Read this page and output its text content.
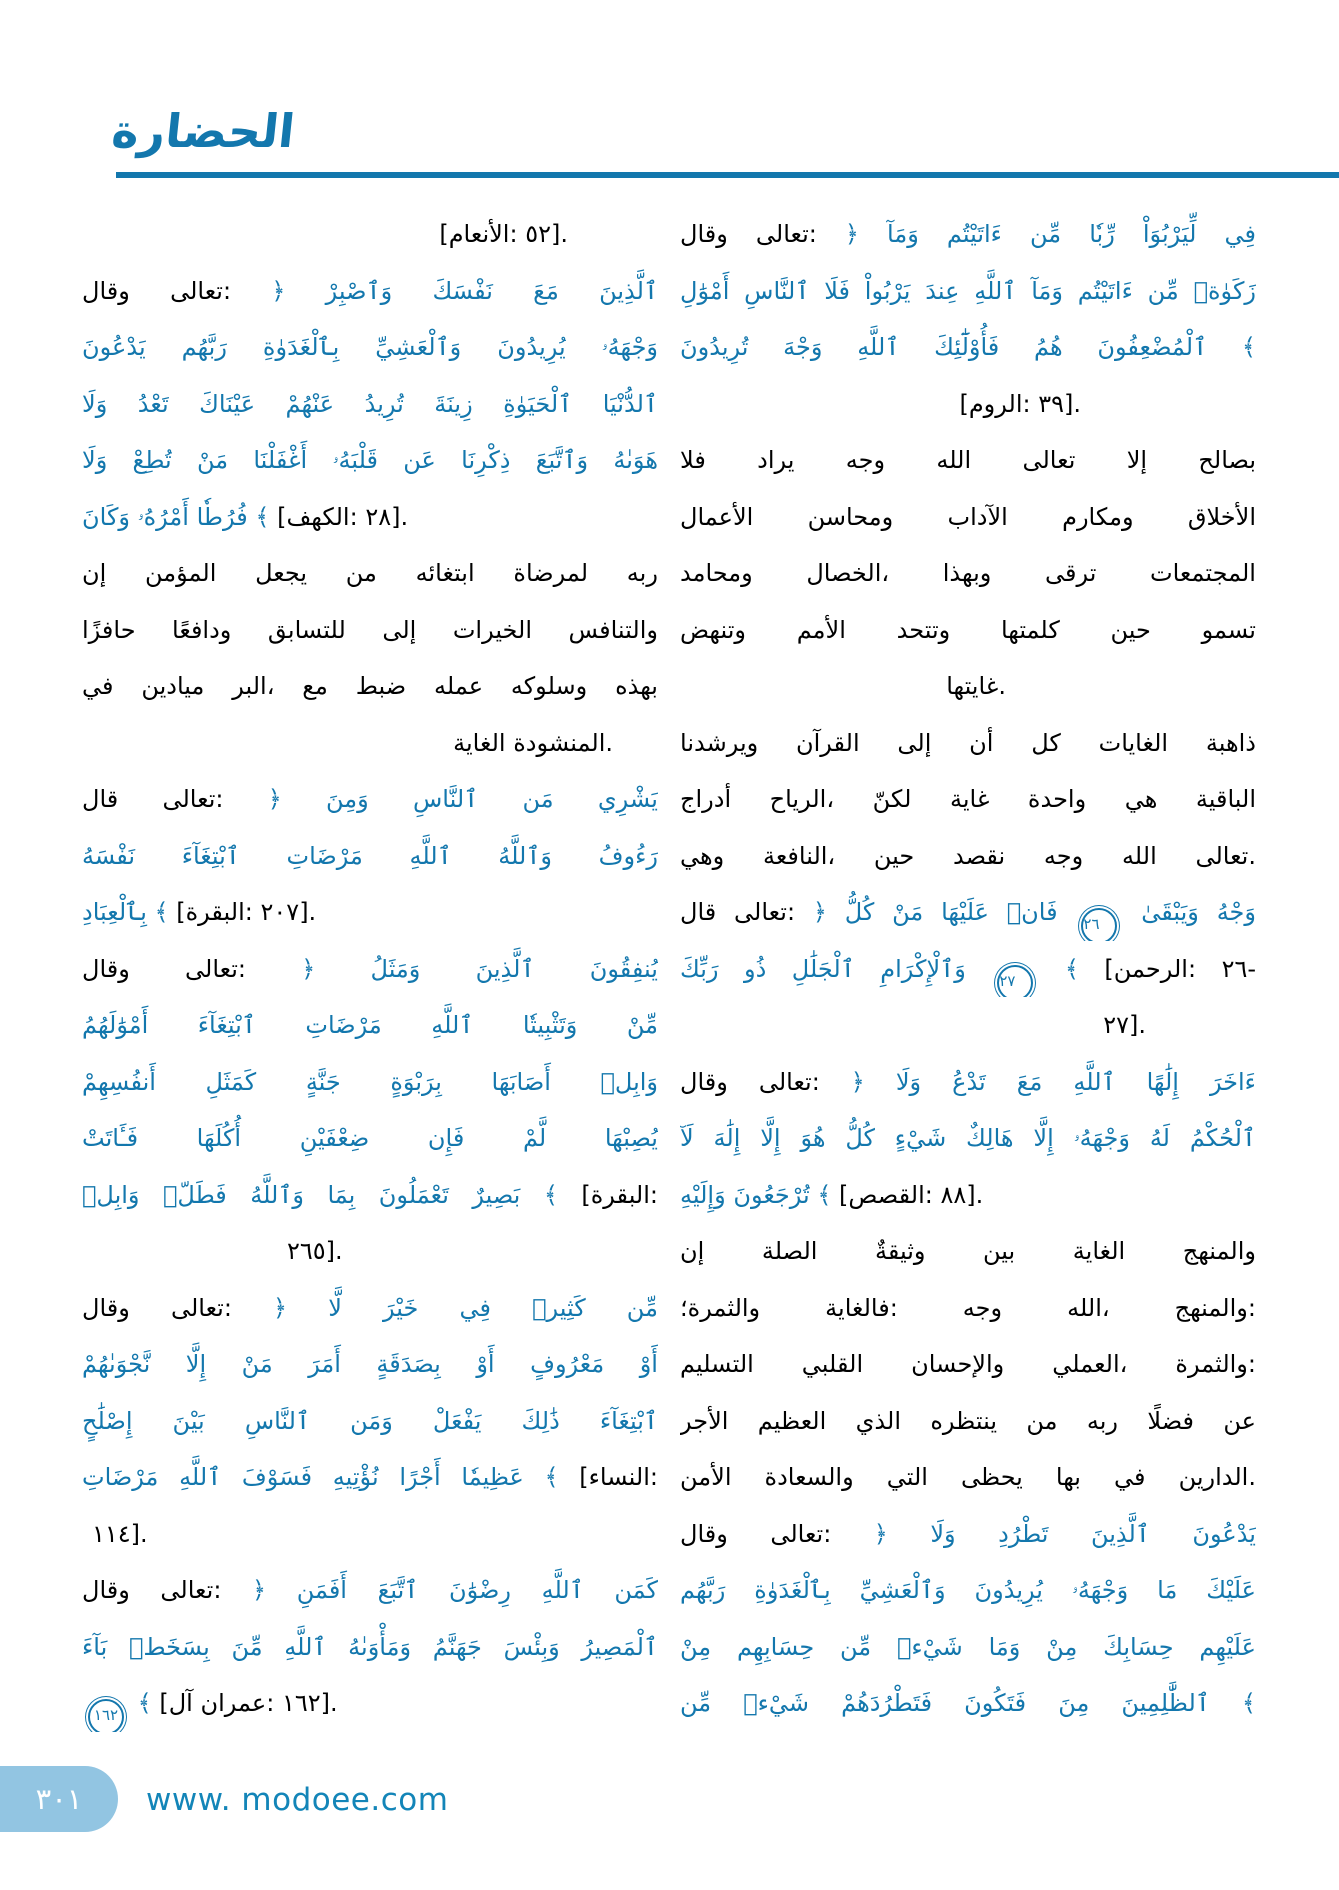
الحضارة
[الأنعام: ٥٢].
وقال تعالى: ﴿ وَٱصْبِرْ نَفْسَكَ مَعَ ٱلَّذِينَ
يَدْعُونَ رَبَّهُم بِٱلْغَدَوٰةِ وَٱلْعَشِيِّ يُرِيدُونَ وَجْهَهُۥ
وَلَا تَعْدُ عَيْنَاكَ عَنْهُمْ تُرِيدُ زِينَةَ ٱلْحَيَوٰةِ ٱلدُّنْيَا
وَلَا تُطِعْ مَنْ أَغْفَلْنَا قَلْبَهُۥ عَن ذِكْرِنَا وَٱتَّبَعَ هَوَىٰهُ
وَكَانَ أَمْرُهُۥ فُرُطٗا ﴾ [الكهف: ٢٨].
إن المؤمن يجعل من ابتغائه لمرضاة ربه
حافزًا ودافعًا للتسابق إلى الخيرات والتنافس
في ميادين البر، مع ضبط عمله وسلوكه بهذه
الغاية المنشودة.
قال تعالى: ﴿ وَمِنَ ٱلنَّاسِ مَن يَشْرِي
نَفْسَهُ ٱبْتِغَآءَ مَرْضَاتِ ٱللَّهِ وَٱللَّهُ رَءُوفُ
بِٱلْعِبَادِ ﴾ [البقرة: ٢٠٧].
وقال تعالى: ﴿ وَمَثَلُ ٱلَّذِينَ يُنفِقُونَ
أَمْوَٰلَهُمُ ٱبْتِغَآءَ مَرْضَاتِ ٱللَّهِ وَتَثْبِيتٗا مِّنْ
أَنفُسِهِمْ كَمَثَلِ جَنَّةٍ بِرَبْوَةٍ أَصَابَهَا وَابِلٞ
فَـَٔاتَتْ أُكُلَهَا ضِعْفَيْنِ فَإِن لَّمْ يُصِبْهَا
وَابِلٞ فَطَلّٞ وَٱللَّهُ بِمَا تَعْمَلُونَ بَصِيرٌ ﴾ [البقرة:
٢٦٥].
وقال تعالى: ﴿ لَّا خَيْرَ فِي كَثِيرٖ مِّن
نَّجْوَىٰهُمْ إِلَّا مَنْ أَمَرَ بِصَدَقَةٍ أَوْ مَعْرُوفٍ أَوْ
إِصْلَٰحٍ بَيْنَ ٱلنَّاسِ وَمَن يَفْعَلْ ذَٰلِكَ ٱبْتِغَآءَ
مَرْضَاتِ ٱللَّهِ فَسَوْفَ نُؤْتِيهِ أَجْرًا عَظِيمٗا ﴾ [النساء:
١١٤].
وقال تعالى: ﴿ أَفَمَنِ ٱتَّبَعَ رِضْوَٰنَ ٱللَّهِ كَمَن
بَآءَ بِسَخَطٖ مِّنَ ٱللَّهِ وَمَأْوَىٰهُ جَهَنَّمُ وَبِئْسَ ٱلْمَصِيرُ
١٦٢ ﴾ [آل عمران: ١٦٢].
وقال تعالى: ﴿ وَمَآ ءَاتَيْتُم مِّن رِّبٗا لِّيَرْبُوَاْ فِي
أَمْوَٰلِ ٱلنَّاسِ فَلَا يَرْبُواْ عِندَ ٱللَّهِ وَمَآ ءَاتَيْتُم مِّن زَكَوٰةٖ
تُرِيدُونَ وَجْهَ ٱللَّهِ فَأُوْلَٰٓئِكَ هُمُ ٱلْمُضْعِفُونَ ﴾
[الروم: ٣٩].
فلا يراد وجه الله تعالى إلا بصالح
الأعمال ومحاسن الآداب ومكارم الأخلاق
ومحامد الخصال، وبهذا ترقى المجتمعات
وتنهض الأمم وتتحد كلمتها حين تسمو
غايتها.
ويرشدنا القرآن إلى أن كل الغايات ذاهبة
أدراج الرياح، لكنّ غاية واحدة هي الباقية
وهي النافعة، حين نقصد وجه الله تعالى.
قال تعالى: ﴿ كُلُّ مَنْ عَلَيْهَا فَانٖ ٢٦ وَيَبْقَىٰ وَجْهُ
رَبِّكَ ذُو ٱلْجَلَٰلِ وَٱلْإِكْرَامِ ٢٧ ﴾ [الرحمن: ٢٦-
٢٧].
وقال تعالى: ﴿ وَلَا تَدْعُ مَعَ ٱللَّهِ إِلَٰهًا ءَاخَرَ
لَآ إِلَٰهَ إِلَّا هُوَ كُلُّ شَيْءٍ هَالِكٌ إِلَّا وَجْهَهُۥ لَهُ ٱلْحُكْمُ
وَإِلَيْهِ تُرْجَعُونَ ﴾ [القصص: ٨٨].
إن الصلة وثيقةٌ بين الغاية والمنهج
والثمرة؛	فالغاية:	وجه	الله،	والمنهج:
التسليم القلبي والإحسان العملي، والثمرة:
الأجر العظيم الذي ينتظره من ربه فضلًا عن
الأمن والسعادة التي يحظى بها في الدارين.
وقال تعالى: ﴿ وَلَا تَطْرُدِ ٱلَّذِينَ يَدْعُونَ
رَبَّهُم بِٱلْغَدَوٰةِ وَٱلْعَشِيِّ يُرِيدُونَ وَجْهَهُۥ مَا عَلَيْكَ
مِنْ حِسَابِهِم مِّن شَيْءٖ وَمَا مِنْ حِسَابِكَ عَلَيْهِم
مِّن شَيْءٖ فَتَطْرُدَهُمْ فَتَكُونَ مِنَ ٱلظَّٰلِمِينَ ﴾
٣٠١	www. modoee.com
